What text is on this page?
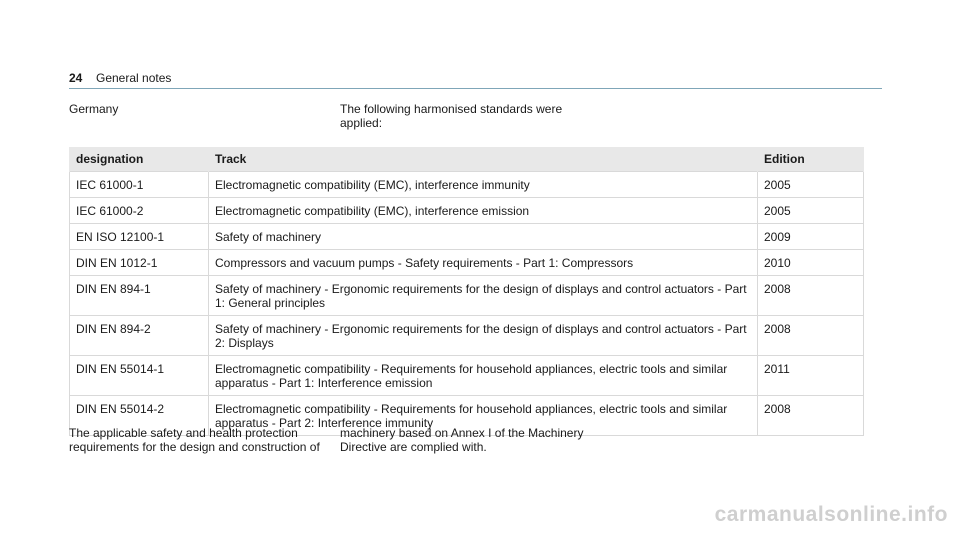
24 General notes
Germany	The following harmonised standards were applied:
designation	Track	Edition
IEC 61000-1	Electromagnetic compatibility (EMC), interference immunity	2005
IEC 61000-2	Electromagnetic compatibility (EMC), interference emission	2005
EN ISO 12100-1	Safety of machinery	2009
DIN EN 1012-1	Compressors and vacuum pumps - Safety requirements - Part 1: Compressors	2010
DIN EN 894-1	Safety of machinery - Ergonomic requirements for the design of displays and control actuators - Part 1: General principles	2008
DIN EN 894-2	Safety of machinery - Ergonomic requirements for the design of displays and control actuators - Part 2: Displays	2008
DIN EN 55014-1	Electromagnetic compatibility - Requirements for household appliances, electric tools and similar apparatus - Part 1: Interference emission	2011
DIN EN 55014-2	Electromagnetic compatibility - Requirements for household appliances, electric tools and similar apparatus - Part 2: Interference immunity	2008
The applicable safety and health protection requirements for the design and construction of
machinery based on Annex I of the Machinery Directive are complied with.
carmanualsonline.info
